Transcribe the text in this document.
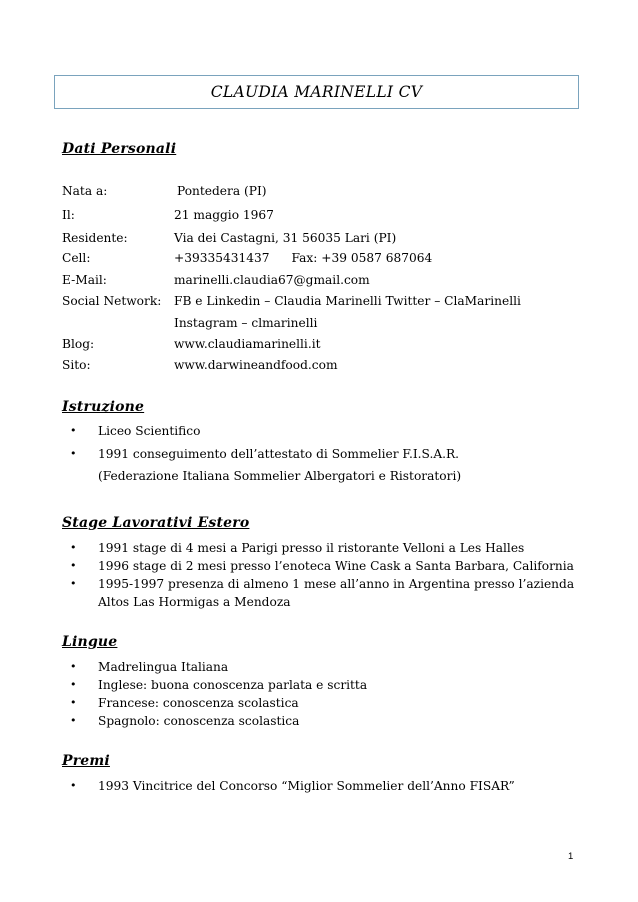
CLAUDIA MARINELLI CV
Dati Personali
Nata a:	Pontedera (PI)
Il:	21 maggio 1967
Residente:	Via dei Castagni, 31 56035 Lari (PI)
Cell:	+39335431437 Fax: +39 0587 687064
E-Mail:	marinelli.claudia67@gmail.com
Social Network: FB e Linkedin – Claudia Marinelli Twitter – ClaMarinelli
Instagram – clmarinelli
Blog:	www.claudiamarinelli.it
Sito:	www.darwineandfood.com
Istruzione
• Liceo Scientifico
• 1991 conseguimento dell’attestato di Sommelier F.I.S.A.R.
(Federazione Italiana Sommelier Albergatori e Ristoratori)
Stage Lavorativi Estero
• 1991 stage di 4 mesi a Parigi presso il ristorante Velloni a Les Halles
• 1996 stage di 2 mesi presso l’enoteca Wine Cask a Santa Barbara, California
• 1995-1997 presenza di almeno 1 mese all’anno in Argentina presso l’azienda
Altos Las Hormigas a Mendoza
Lingue
• Madrelingua Italiana
• Inglese: buona conoscenza parlata e scritta
• Francese: conoscenza scolastica
• Spagnolo: conoscenza scolastica
Premi
• 1993 Vincitrice del Concorso “Miglior Sommelier dell’Anno FISAR”
1
